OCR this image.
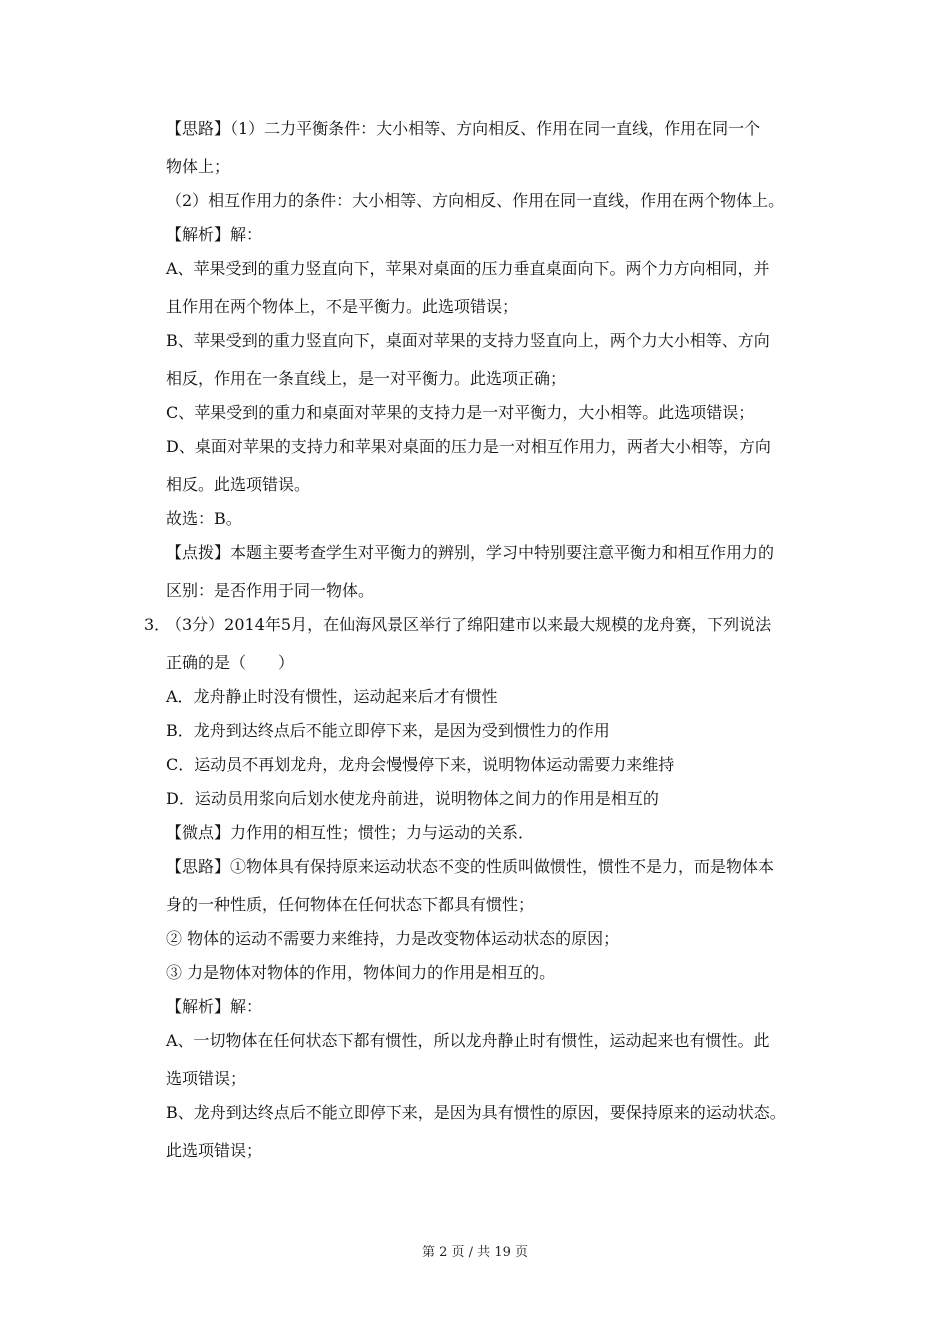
【思路】（1）二力平衡条件：大小相等、方向相反、作用在同一直线，作用在同一个
物体上；
（2）相互作用力的条件：大小相等、方向相反、作用在同一直线，作用在两个物体上。
【解析】解：
A、苹果受到的重力竖直向下，苹果对桌面的压力垂直桌面向下。两个力方向相同，并
且作用在两个物体上，不是平衡力。此选项错误；
B、苹果受到的重力竖直向下，桌面对苹果的支持力竖直向上，两个力大小相等、方向
相反，作用在一条直线上，是一对平衡力。此选项正确；
C、苹果受到的重力和桌面对苹果的支持力是一对平衡力，大小相等。此选项错误；
D、桌面对苹果的支持力和苹果对桌面的压力是一对相互作用力，两者大小相等，方向
相反。此选项错误。
故选：B。
【点拨】本题主要考查学生对平衡力的辨别，学习中特别要注意平衡力和相互作用力的
区别：是否作用于同一物体。
3．
（3分）2014年5月，在仙海风景区举行了绵阳建市以来最大规模的龙舟赛，下列说法
正确的是（　　）
A．龙舟静止时没有惯性，运动起来后才有惯性
B．龙舟到达终点后不能立即停下来，是因为受到惯性力的作用
C．运动员不再划龙舟，龙舟会慢慢停下来，说明物体运动需要力来维持
D．运动员用浆向后划水使龙舟前进，说明物体之间力的作用是相互的
【微点】力作用的相互性；惯性；力与运动的关系．
【思路】①物体具有保持原来运动状态不变的性质叫做惯性，惯性不是力，而是物体本
身的一种性质，任何物体在任何状态下都具有惯性；
② 物体的运动不需要力来维持，力是改变物体运动状态的原因；
③ 力是物体对物体的作用，物体间力的作用是相互的。
【解析】解：
A、一切物体在任何状态下都有惯性，所以龙舟静止时有惯性，运动起来也有惯性。此
选项错误；
B、龙舟到达终点后不能立即停下来，是因为具有惯性的原因，要保持原来的运动状态。
此选项错误；
第 2 页 / 共 19 页
